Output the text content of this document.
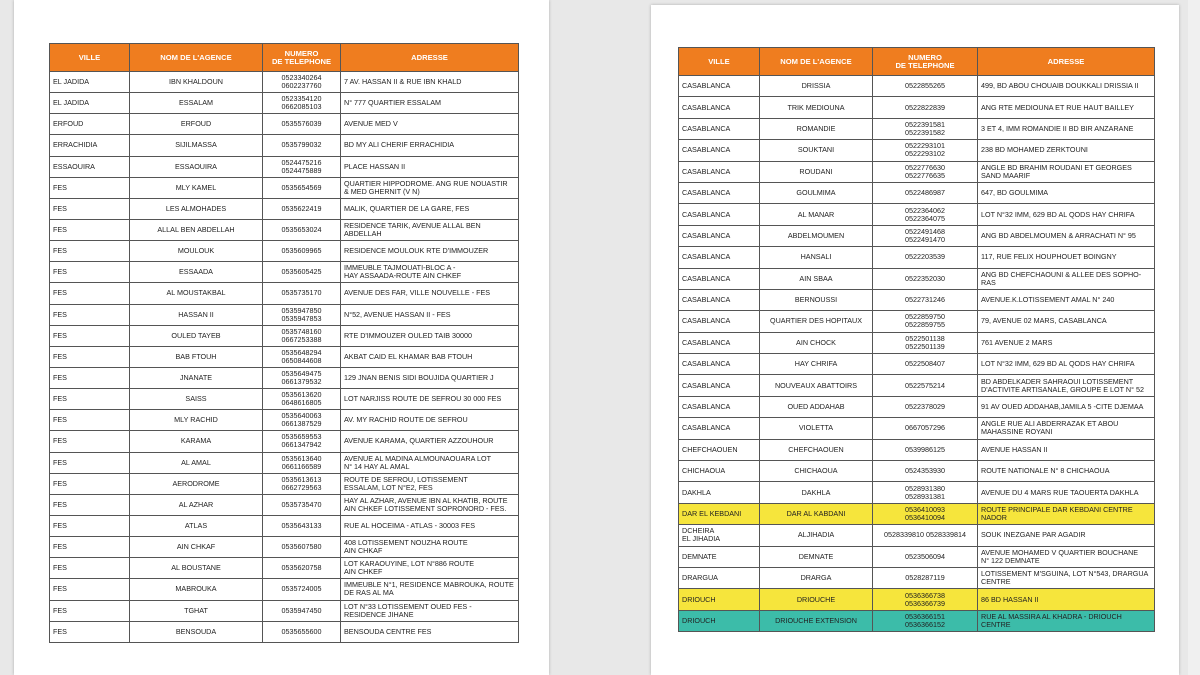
VILLE	NOM DE L'AGENCE	NUMERO
DE TELEPHONE	ADRESSE
EL JADIDA	IBN KHALDOUN	0523340264
0602237760	7 AV. HASSAN II & RUE IBN KHALD
EL JADIDA	ESSALAM	0523354120
0662085103	N° 777 QUARTIER ESSALAM
ERFOUD	ERFOUD	0535576039	AVENUE MED V
ERRACHIDIA	SIJILMASSA	0535799032	BD MY ALI CHERIF ERRACHIDIA
ESSAOUIRA	ESSAOUIRA	0524475216
0524475889	PLACE HASSAN II
FES	MLY KAMEL	0535654569	QUARTIER HIPPODROME. ANG RUE NOUASTIR
& MED GHERNIT (V N)
FES	LES ALMOHADES	0535622419	MALIK, QUARTIER DE LA GARE, FES
FES	ALLAL BEN ABDELLAH	0535653024	RESIDENCE TARIK, AVENUE ALLAL BEN
ABDELLAH
FES	MOULOUK	0535609965	RESIDENCE MOULOUK RTE D'IMMOUZER
FES	ESSAADA	0535605425	IMMEUBLE TAJMOUATI-BLOC A -
HAY ASSAADA-ROUTE AIN CHKEF
FES	AL MOUSTAKBAL	0535735170	AVENUE DES FAR, VILLE NOUVELLE - FES
FES	HASSAN II	0535947850
0535947853	N°52, AVENUE HASSAN II - FES
FES	OULED TAYEB	0535748160
0667253388	RTE D'IMMOUZER OULED TAIB 30000
FES	BAB FTOUH	0535648294
0650844608	AKBAT CAID EL KHAMAR BAB FTOUH
FES	JNANATE	0535649475
0661379532	129 JNAN BENIS SIDI BOUJIDA QUARTIER J
FES	SAISS	0535613620
0648616805	LOT NARJISS ROUTE DE SEFROU 30 000 FES
FES	MLY RACHID	0535640063
0661387529	AV. MY RACHID ROUTE DE SEFROU
FES	KARAMA	0535659553
0661347942	AVENUE KARAMA, QUARTIER AZZOUHOUR
FES	AL AMAL	0535613640
0661166589	AVENUE AL MADINA ALMOUNAOUARA LOT
N° 14 HAY AL AMAL
FES	AERODROME	0535613613
0662729563	ROUTE DE SEFROU, LOTISSEMENT
ESSALAM, LOT N°E2, FES
FES	AL AZHAR	0535735470	HAY AL AZHAR, AVENUE IBN AL KHATIB, ROUTE
AIN CHKEF LOTISSEMENT SOPRONORD - FES.
FES	ATLAS	0535643133	RUE AL HOCEIMA - ATLAS - 30003 FES
FES	AIN CHKAF	0535607580	408 LOTISSEMENT NOUZHA ROUTE
AIN CHKAF
FES	AL BOUSTANE	0535620758	LOT KARAOUYINE, LOT N°886 ROUTE
AIN CHKEF
FES	MABROUKA	0535724005	IMMEUBLE N°1, RESIDENCE MABROUKA, ROUTE
DE RAS AL MA
FES	TGHAT	0535947450	LOT N°33 LOTISSEMENT OUED FES -
RESIDENCE JIHANE
FES	BENSOUDA	0535655600	BENSOUDA CENTRE FES
VILLE	NOM DE L'AGENCE	NUMERO
DE TELEPHONE	ADRESSE
CASABLANCA	DRISSIA	0522855265	499, BD ABOU CHOUAIB DOUKKALI DRISSIA II
CASABLANCA	TRIK MEDIOUNA	0522822839	ANG RTE MEDIOUNA ET RUE HAUT BAILLEY
CASABLANCA	ROMANDIE	0522391581
0522391582	3 ET 4, IMM ROMANDIE II BD BIR ANZARANE
CASABLANCA	SOUKTANI	0522293101
0522293102	238 BD MOHAMED ZERKTOUNI
CASABLANCA	ROUDANI	0522776630
0522776635	ANGLE BD BRAHIM ROUDANI ET GEORGES
SAND MAARIF
CASABLANCA	GOULMIMA	0522486987	647, BD GOULMIMA
CASABLANCA	AL MANAR	0522364062
0522364075	LOT N°32 IMM, 629 BD AL QODS HAY CHRIFA
CASABLANCA	ABDELMOUMEN	0522491468
0522491470	ANG BD ABDELMOUMEN & ARRACHATI N° 95
CASABLANCA	HANSALI	0522203539	117, RUE FELIX HOUPHOUET BOINGNY
CASABLANCA	AIN SBAA	0522352030	ANG BD CHEFCHAOUNI & ALLEE DES SOPHO-
RAS
CASABLANCA	BERNOUSSI	0522731246	AVENUE.K.LOTISSEMENT AMAL N° 240
CASABLANCA	QUARTIER DES HOPITAUX	0522859750
0522859755	79, AVENUE 02 MARS, CASABLANCA
CASABLANCA	AIN CHOCK	0522501138
0522501139	761 AVENUE 2 MARS
CASABLANCA	HAY CHRIFA	0522508407	LOT N°32 IMM, 629 BD AL QODS HAY CHRIFA
CASABLANCA	NOUVEAUX ABATTOIRS	0522575214	BD ABDELKADER SAHRAOUI LOTISSEMENT
D'ACTIVITE ARTISANALE, GROUPE E LOT N° 52
CASABLANCA	OUED ADDAHAB	0522378029	91 AV OUED ADDAHAB,JAMILA 5 -CITE DJEMAA
CASABLANCA	VIOLETTA	0667057296	ANGLE RUE ALI ABDERRAZAK ET ABOU
MAHASSINE ROYANI
CHEFCHAOUEN	CHEFCHAOUEN	0539986125	AVENUE HASSAN II
CHICHAOUA	CHICHAOUA	0524353930	ROUTE NATIONALE N° 8 CHICHAOUA
DAKHLA	DAKHLA	0528931380
0528931381	AVENUE DU 4 MARS RUE TAOUERTA DAKHLA
DAR EL KEBDANI	DAR AL KABDANI	0536410093
0536410094	ROUTE PRINCIPALE DAR KEBDANI CENTRE
NADOR
DCHEIRA
EL JIHADIA	ALJIHADIA	0528339810 0528339814	SOUK INEZGANE PAR AGADIR
DEMNATE	DEMNATE	0523506094	AVENUE MOHAMED V QUARTIER BOUCHANE
N° 122 DEMNATE
DRARGUA	DRARGA	0528287119	LOTISSEMENT M'SGUINA, LOT N°543, DRARGUA
CENTRE
DRIOUCH	DRIOUCHE	0536366738
0536366739	86 BD HASSAN II
DRIOUCH	DRIOUCHE EXTENSION	0536366151
0536366152	RUE AL MASSIRA AL KHADRA - DRIOUCH
CENTRE
